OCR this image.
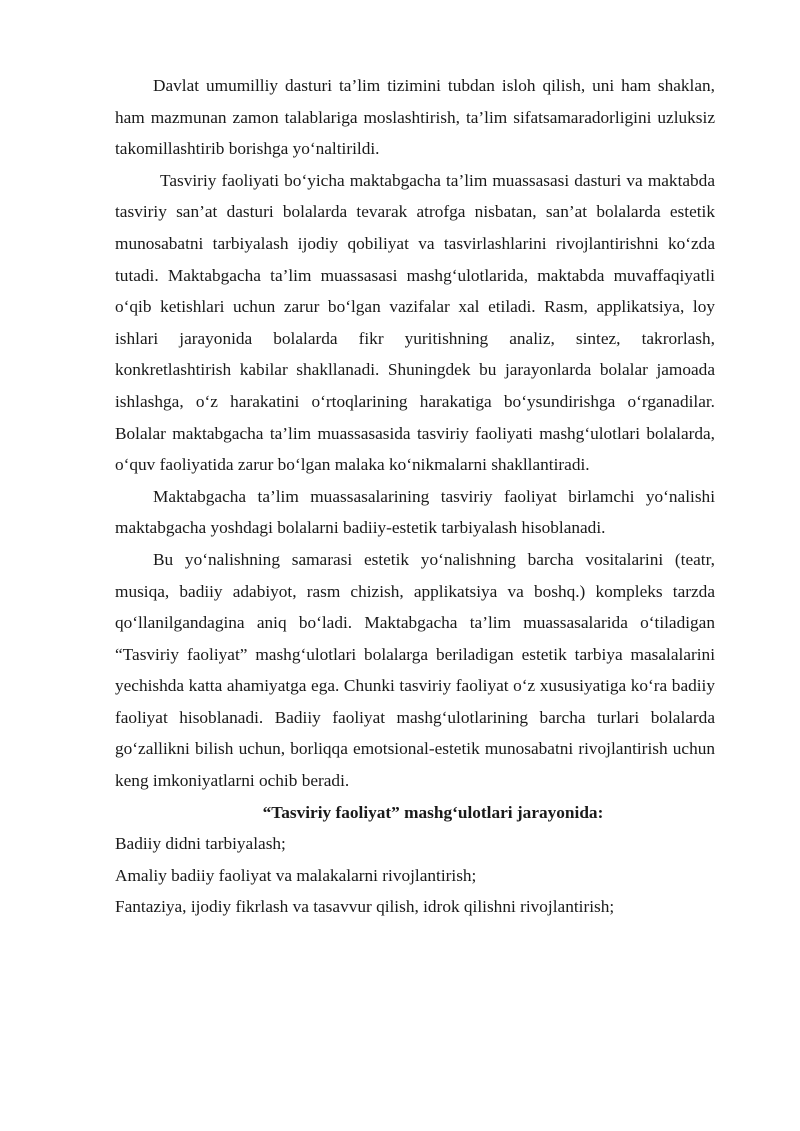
Davlat umumilliy dasturi ta’lim tizimini tubdan isloh qilish, uni ham shaklan, ham mazmunan zamon talablariga moslashtirish, ta’lim sifatsamaradorligini uzluksiz takomillashtirib borishga yo‘naltirildi.

Tasviriy faoliyati bo‘yicha maktabgacha ta’lim muassasasi dasturi va maktabda tasviriy san’at dasturi bolalarda tevarak atrofga nisbatan, san’at bolalarda estetik munosabatni tarbiyalash ijodiy qobiliyat va tasvirlashlarini rivojlantirishni ko‘zda tutadi. Maktabgacha ta’lim muassasasi mashg‘ulotlarida, maktabda muvaffaqiyatli o‘qib ketishlari uchun zarur bo‘lgan vazifalar xal etiladi. Rasm, applikatsiya, loy ishlari jarayonida bolalarda fikr yuritishning analiz, sintez, takrorlash, konkretlashtirish kabilar shakllanadi. Shuningdek bu jarayonlarda bolalar jamoada ishlashga, o‘z harakatini o‘rtoqlarining harakatiga bo‘ysundirishga o‘rganadilar. Bolalar maktabgacha ta’lim muassasasida tasviriy faoliyati mashg‘ulotlari bolalarda, o‘quv faoliyatida zarur bo‘lgan malaka ko‘nikmalarni shakllantiradi.

Maktabgacha ta’lim muassasalarining tasviriy faoliyat birlamchi yo‘nalishi maktabgacha yoshdagi bolalarni badiiy-estetik tarbiyalash hisoblanadi.

Bu yo‘nalishning samarasi estetik yo‘nalishning barcha vositalarini (teatr, musiqa, badiiy adabiyot, rasm chizish, applikatsiya va boshq.) kompleks tarzda qo‘llanilgandagina aniq bo‘ladi. Maktabgacha ta’lim muassasalarida o‘tiladigan “Tasviriy faoliyat” mashg‘ulotlari bolalarga beriladigan estetik tarbiya masalalarini yechishda katta ahamiyatga ega. Chunki tasviriy faoliyat o‘z xususiyatiga ko‘ra badiiy faoliyat hisoblanadi. Badiiy faoliyat mashg‘ulotlarining barcha turlari bolalarda go‘zallikni bilish uchun, borliqqa emotsional-estetik munosabatni rivojlantirish uchun keng imkoniyatlarni ochib beradi.

“Tasviriy faoliyat” mashg‘ulotlari jarayonida:

Badiiy didni tarbiyalash;
Amaliy badiiy faoliyat va malakalarni rivojlantirish;
Fantaziya, ijodiy fikrlash va tasavvur qilish, idrok qilishni rivojlantirish;
